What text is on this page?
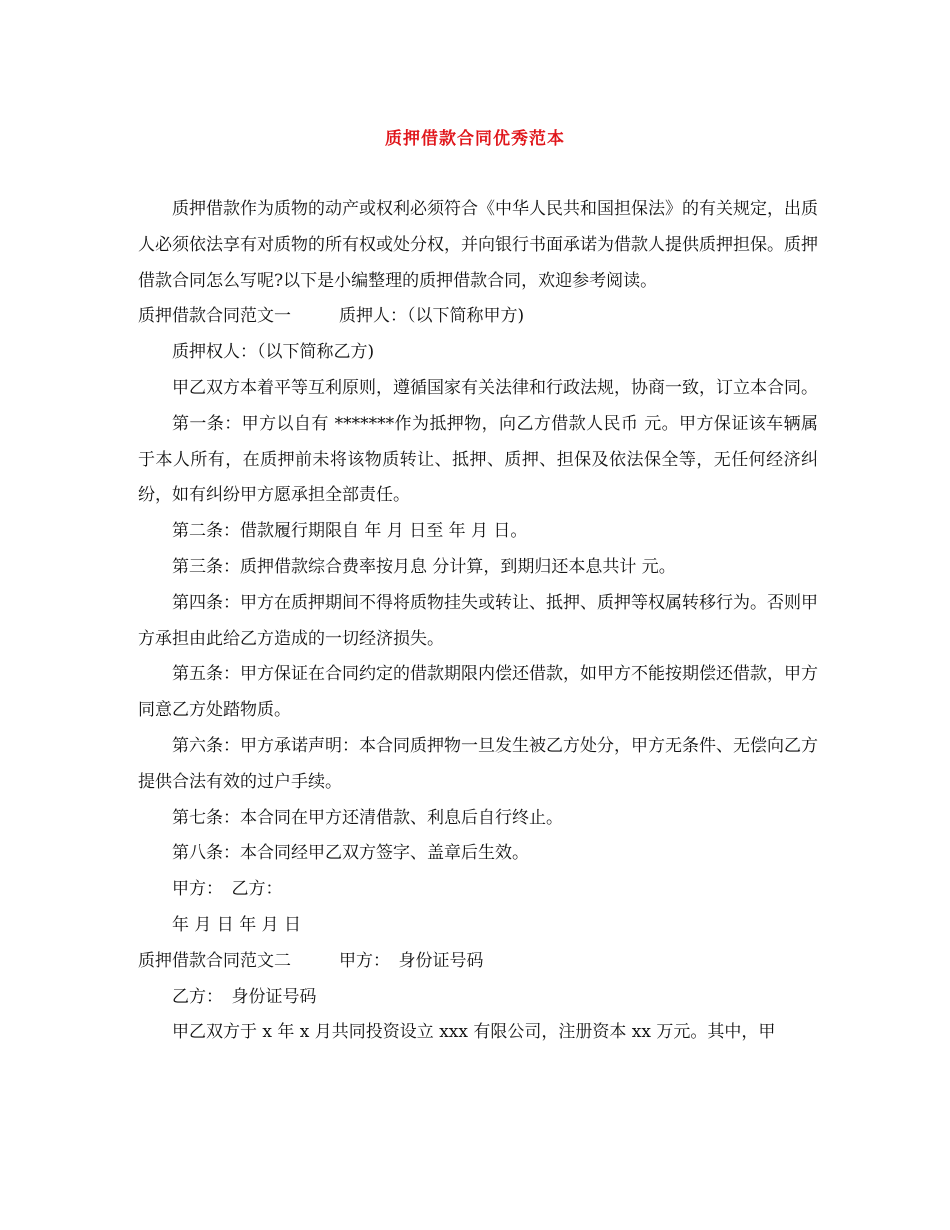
质押借款合同优秀范本

质押借款作为质物的动产或权利必须符合《中华人民共和国担保法》的有关规定，出质人必须依法享有对质物的所有权或处分权，并向银行书面承诺为借款人提供质押担保。质押借款合同怎么写呢?以下是小编整理的质押借款合同，欢迎参考阅读。

质押借款合同范文一	质押人：（以下简称甲方)

质押权人：（以下简称乙方)

甲乙双方本着平等互利原则，遵循国家有关法律和行政法规，协商一致，订立本合同。

第一条：甲方以自有 *******作为抵押物，向乙方借款人民币 元。甲方保证该车辆属于本人所有，在质押前未将该物质转让、抵押、质押、担保及依法保全等，无任何经济纠纷，如有纠纷甲方愿承担全部责任。

第二条：借款履行期限自 年 月 日至 年 月 日。

第三条：质押借款综合费率按月息 分计算，到期归还本息共计 元。

第四条：甲方在质押期间不得将质物挂失或转让、抵押、质押等权属转移行为。否则甲方承担由此给乙方造成的一切经济损失。

第五条：甲方保证在合同约定的借款期限内偿还借款，如甲方不能按期偿还借款，甲方同意乙方处踏物质。

第六条：甲方承诺声明：本合同质押物一旦发生被乙方处分，甲方无条件、无偿向乙方提供合法有效的过户手续。

第七条：本合同在甲方还清借款、利息后自行终止。

第八条：本合同经甲乙双方签字、盖章后生效。

甲方：　乙方：

年 月 日 年 月 日

质押借款合同范文二	甲方：　身份证号码

乙方：　身份证号码

甲乙双方于 x 年 x 月共同投资设立 xxx 有限公司，注册资本 xx 万元。其中，甲
